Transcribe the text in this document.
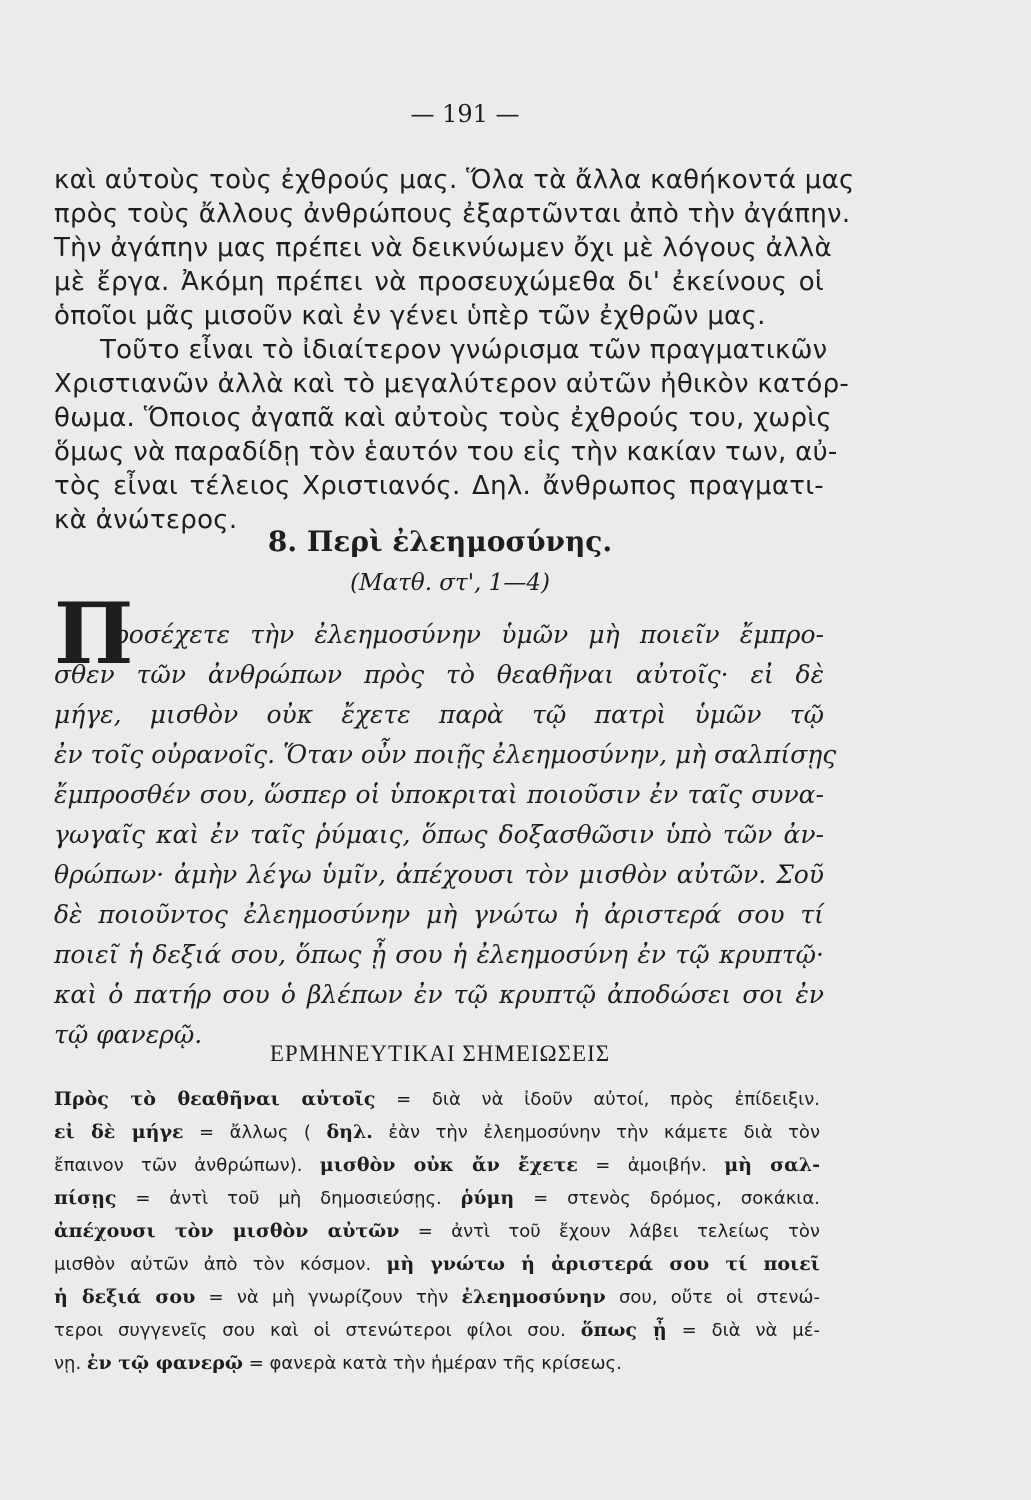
— 191 —
καὶ αὐτοὺς τοὺς ἐχθρούς μας. Ὅλα τὰ ἄλλα καθήκοντά μας
πρὸς τοὺς ἄλλους ἀνθρώπους ἐξαρτῶνται ἀπὸ τὴν ἀγάπην.
Τὴν ἀγάπην μας πρέπει νὰ δεικνύωμεν ὄχι μὲ λόγους ἀλλὰ
μὲ ἔργα. Ἀκόμη πρέπει νὰ προσευχώμεθα δι' ἐκείνους οἱ
ὁποῖοι μᾶς μισοῦν καὶ ἐν γένει ὑπὲρ τῶν ἐχθρῶν μας.
Τοῦτο εἶναι τὸ ἰδιαίτερον γνώρισμα τῶν πραγματικῶν
Χριστιανῶν ἀλλὰ καὶ τὸ μεγαλύτερον αὐτῶν ἠθικὸν κατόρ-
θωμα. Ὅποιος ἀγαπᾶ καὶ αὐτοὺς τοὺς ἐχθρούς του, χωρὶς
ὅμως νὰ παραδίδῃ τὸν ἑαυτόν του εἰς τὴν κακίαν των, αὐ-
τὸς εἶναι τέλειος Χριστιανός. Δηλ. ἄνθρωπος πραγματι-
κὰ ἀνώτερος.
8. Περὶ ἐλεημοσύνης.
(Ματθ. στ', 1—4)
Π
ροσέχετε τὴν ἐλεημοσύνην ὑμῶν μὴ ποιεῖν ἔμπρο-
σθεν τῶν ἀνθρώπων πρὸς τὸ θεαθῆναι αὐτοῖς· εἰ δὲ
μήγε, μισθὸν οὐκ ἔχετε παρὰ τῷ πατρὶ ὑμῶν τῷ
ἐν τοῖς οὐρανοῖς. Ὅταν οὖν ποιῇς ἐλεημοσύνην, μὴ σαλπίσῃς
ἔμπροσθέν σου, ὥσπερ οἱ ὑποκριταὶ ποιοῦσιν ἐν ταῖς συνα-
γωγαῖς καὶ ἐν ταῖς ῥύμαις, ὅπως δοξασθῶσιν ὑπὸ τῶν ἀν-
θρώπων· ἀμὴν λέγω ὑμῖν, ἀπέχουσι τὸν μισθὸν αὐτῶν. Σοῦ
δὲ ποιοῦντος ἐλεημοσύνην μὴ γνώτω ἡ ἀριστερά σου τί
ποιεῖ ἡ δεξιά σου, ὅπως ᾖ σου ἡ ἐλεημοσύνη ἐν τῷ κρυπτῷ·
καὶ ὁ πατήρ σου ὁ βλέπων ἐν τῷ κρυπτῷ ἀποδώσει σοι ἐν
τῷ φανερῷ.
ΕΡΜΗΝΕΥΤΙΚΑΙ ΣΗΜΕΙΩΣΕΙΣ
Πρὸς τὸ θεαθῆναι αὐτοῖς = διὰ νὰ ἰδοῦν αὐτοί, πρὸς ἐπίδειξιν.
εἰ δὲ μήγε = ἄλλως ( δηλ. ἐὰν τὴν ἐλεημοσύνην τὴν κάμετε διὰ τὸν
ἔπαινον τῶν ἀνθρώπων). μισθὸν οὐκ ἄν ἔχετε = ἀμοιβήν. μὴ σαλ-
πίσῃς = ἀντὶ τοῦ μὴ δημοσιεύσῃς. ῥύμη = στενὸς δρόμος, σοκάκια.
ἀπέχουσι τὸν μισθὸν αὐτῶν = ἀντὶ τοῦ ἔχουν λάβει τελείως τὸν
μισθὸν αὐτῶν ἀπὸ τὸν κόσμον. μὴ γνώτω ἡ ἀριστερά σου τί ποιεῖ
ἡ δεξιά σου = νὰ μὴ γνωρίζουν τὴν ἐλεημοσύνην σου, οὔτε οἱ στενώ-
τεροι συγγενεῖς σου καὶ οἱ στενώτεροι φίλοι σου. ὅπως ᾖ = διὰ νὰ μέ-
νῃ. ἐν τῷ φανερῷ = φανερὰ κατὰ τὴν ἡμέραν τῆς κρίσεως.
